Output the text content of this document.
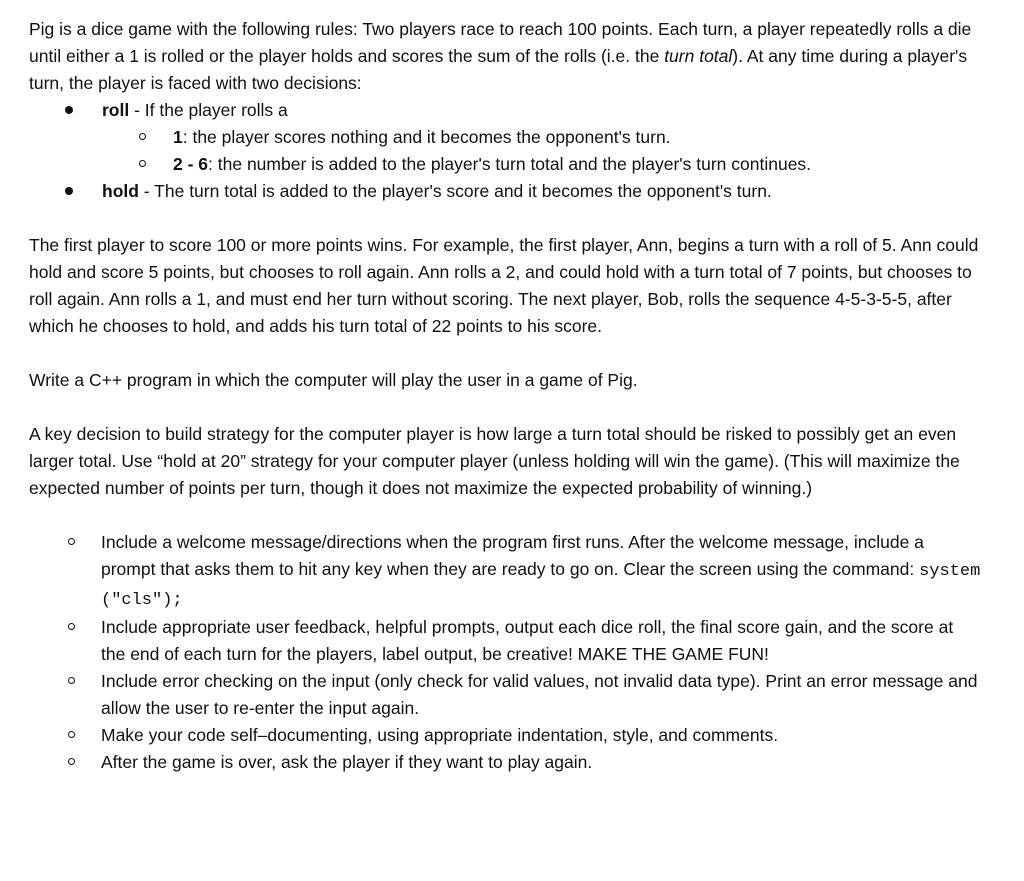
Pig is a dice game with the following rules: Two players race to reach 100 points. Each turn, a player repeatedly rolls a die until either a 1 is rolled or the player holds and scores the sum of the rolls (i.e. the turn total). At any time during a player's turn, the player is faced with two decisions:

roll - If the player rolls a
1: the player scores nothing and it becomes the opponent's turn.
2 - 6: the number is added to the player's turn total and the player's turn continues.
hold - The turn total is added to the player's score and it becomes the opponent's turn.

The first player to score 100 or more points wins. For example, the first player, Ann, begins a turn with a roll of 5. Ann could hold and score 5 points, but chooses to roll again. Ann rolls a 2, and could hold with a turn total of 7 points, but chooses to roll again. Ann rolls a 1, and must end her turn without scoring. The next player, Bob, rolls the sequence 4-5-3-5-5, after which he chooses to hold, and adds his turn total of 22 points to his score.

Write a C++ program in which the computer will play the user in a game of Pig.

A key decision to build strategy for the computer player is how large a turn total should be risked to possibly get an even larger total. Use “hold at 20” strategy for your computer player (unless holding will win the game). (This will maximize the expected number of points per turn, though it does not maximize the expected probability of winning.)

Include a welcome message/directions when the program first runs. After the welcome message, include a prompt that asks them to hit any key when they are ready to go on. Clear the screen using the command: system ("cls");
Include appropriate user feedback, helpful prompts, output each dice roll, the final score gain, and the score at the end of each turn for the players, label output, be creative! MAKE THE GAME FUN!
Include error checking on the input (only check for valid values, not invalid data type). Print an error message and allow the user to re-enter the input again.
Make your code self–documenting, using appropriate indentation, style, and comments.
After the game is over, ask the player if they want to play again.
